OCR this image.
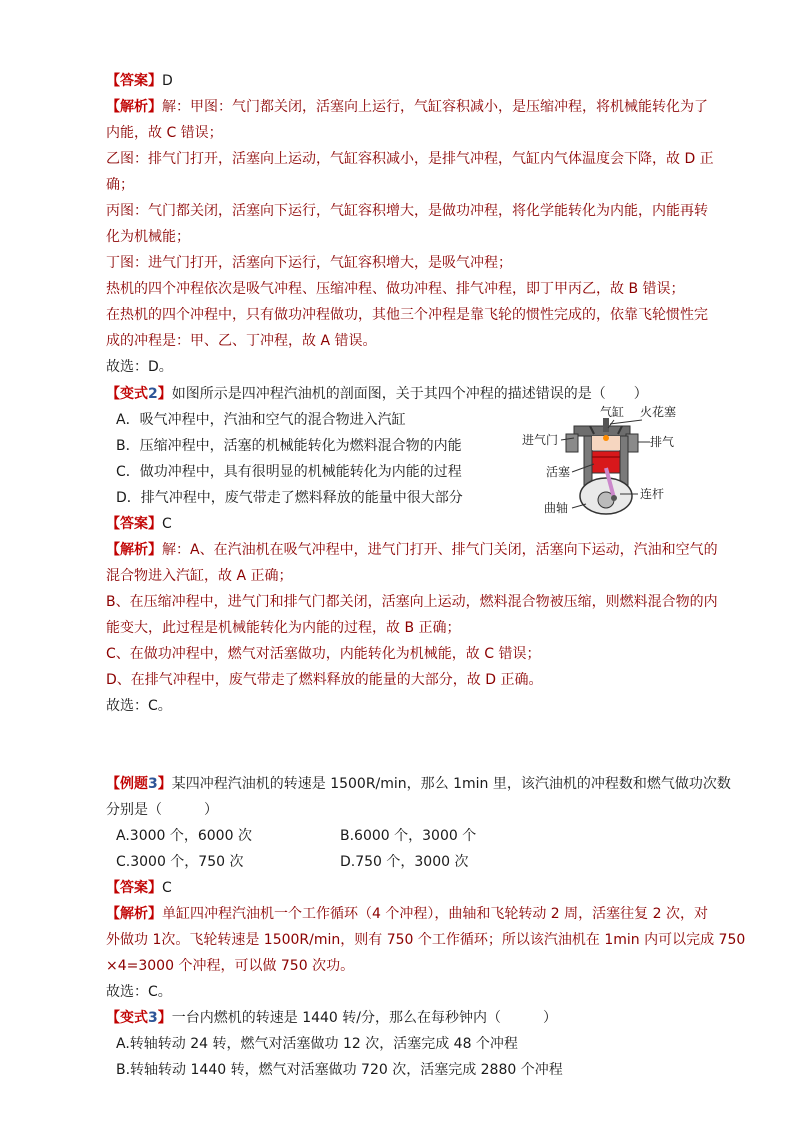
【答案】D
【解析】解：甲图：气门都关闭，活塞向上运行，气缸容积减小，是压缩冲程，将机械能转化为了
内能，故 C 错误；
乙图：排气门打开，活塞向上运动，气缸容积减小，是排气冲程，气缸内气体温度会下降，故 D 正
确；
丙图：气门都关闭，活塞向下运行，气缸容积增大，是做功冲程，将化学能转化为内能，内能再转
化为机械能；
丁图：进气门打开，活塞向下运行，气缸容积增大，是吸气冲程；
热机的四个冲程依次是吸气冲程、压缩冲程、做功冲程、排气冲程，即丁甲丙乙，故 B 错误；
在热机的四个冲程中，只有做功冲程做功，其他三个冲程是靠飞轮的惯性完成的，依靠飞轮惯性完
成的冲程是：甲、乙、丁冲程，故 A 错误。
故选：D。
【变式2】如图所示是四冲程汽油机的剖面图，关于其四个冲程的描述错误的是（　　）
A．吸气冲程中，汽油和空气的混合物进入汽缸
B．压缩冲程中，活塞的机械能转化为燃料混合物的内能
C．做功冲程中，具有很明显的机械能转化为内能的过程
D．排气冲程中，废气带走了燃料释放的能量中很大部分
气缸 火花塞
进气门	排气
活塞
连杆
曲轴
【答案】C
【解析】解：A、在汽油机在吸气冲程中，进气门打开、排气门关闭，活塞向下运动，汽油和空气的
混合物进入汽缸，故 A 正确；
B、在压缩冲程中，进气门和排气门都关闭，活塞向上运动，燃料混合物被压缩，则燃料混合物的内
能变大，此过程是机械能转化为内能的过程，故 B 正确；
C、在做功冲程中，燃气对活塞做功，内能转化为机械能，故 C 错误；
D、在排气冲程中，废气带走了燃料释放的能量的大部分，故 D 正确。
故选：C。
【例题3】某四冲程汽油机的转速是 1500R/min，那么 1min 里，该汽油机的冲程数和燃气做功次数
分别是（　　　）
A.3000 个，6000 次	B.6000 个，3000 个
C.3000 个，750 次	D.750 个，3000 次
【答案】C
【解析】单缸四冲程汽油机一个工作循环（4 个冲程），曲轴和飞轮转动 2 周，活塞往复 2 次，对
外做功 1次。飞轮转速是 1500R/min，则有 750 个工作循环；所以该汽油机在 1min 内可以完成 750
×4=3000 个冲程，可以做 750 次功。
故选：C。
【变式3】一台内燃机的转速是 1440 转/分，那么在每秒钟内（　　　）
A.转轴转动 24 转，燃气对活塞做功 12 次，活塞完成 48 个冲程
B.转轴转动 1440 转，燃气对活塞做功 720 次，活塞完成 2880 个冲程
